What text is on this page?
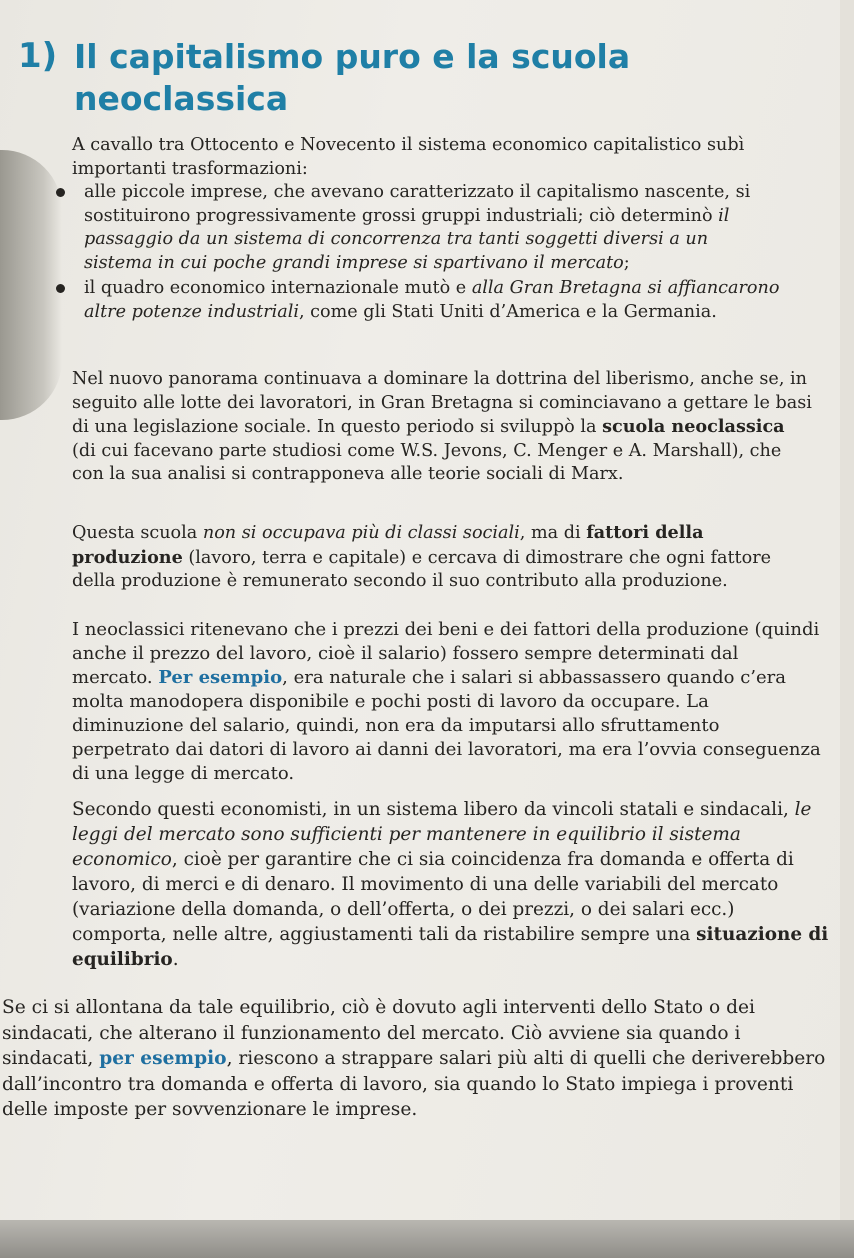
1) Il capitalismo puro e la scuola neoclassica

A cavallo tra Ottocento e Novecento il sistema economico capitalistico subì importanti trasformazioni:

alle piccole imprese, che avevano caratterizzato il capitalismo nascente, si sostituirono progressivamente grossi gruppi industriali; ciò determinò il passaggio da un sistema di concorrenza tra tanti soggetti diversi a un sistema in cui poche grandi imprese si spartivano il mercato;
il quadro economico internazionale mutò e alla Gran Bretagna si affiancarono altre potenze industriali, come gli Stati Uniti d’America e la Germania.

Nel nuovo panorama continuava a dominare la dottrina del liberismo, anche se, in seguito alle lotte dei lavoratori, in Gran Bretagna si cominciavano a gettare le basi di una legislazione sociale. In questo periodo si sviluppò la scuola neoclassica (di cui facevano parte studiosi come W.S. Jevons, C. Menger e A. Marshall), che con la sua analisi si contrapponeva alle teorie sociali di Marx.

Questa scuola non si occupava più di classi sociali, ma di fattori della produzione (lavoro, terra e capitale) e cercava di dimostrare che ogni fattore della produzione è remunerato secondo il suo contributo alla produzione.

I neoclassici ritenevano che i prezzi dei beni e dei fattori della produzione (quindi anche il prezzo del lavoro, cioè il salario) fossero sempre determinati dal mercato. Per esempio, era naturale che i salari si abbassassero quando c’era molta manodopera disponibile e pochi posti di lavoro da occupare. La diminuzione del salario, quindi, non era da imputarsi allo sfruttamento perpetrato dai datori di lavoro ai danni dei lavoratori, ma era l’ovvia conseguenza di una legge di mercato.

Secondo questi economisti, in un sistema libero da vincoli statali e sindacali, le leggi del mercato sono sufficienti per mantenere in equilibrio il sistema economico, cioè per garantire che ci sia coincidenza fra domanda e offerta di lavoro, di merci e di denaro. Il movimento di una delle variabili del mercato (variazione della domanda, o dell’offerta, o dei prezzi, o dei salari ecc.) comporta, nelle altre, aggiustamenti tali da ristabilire sempre una situazione di equilibrio.

Se ci si allontana da tale equilibrio, ciò è dovuto agli interventi dello Stato o dei sindacati, che alterano il funzionamento del mercato. Ciò avviene sia quando i sindacati, per esempio, riescono a strappare salari più alti di quelli che deriverebbero dall’incontro tra domanda e offerta di lavoro, sia quando lo Stato impiega i proventi delle imposte per sovvenzionare le imprese.
